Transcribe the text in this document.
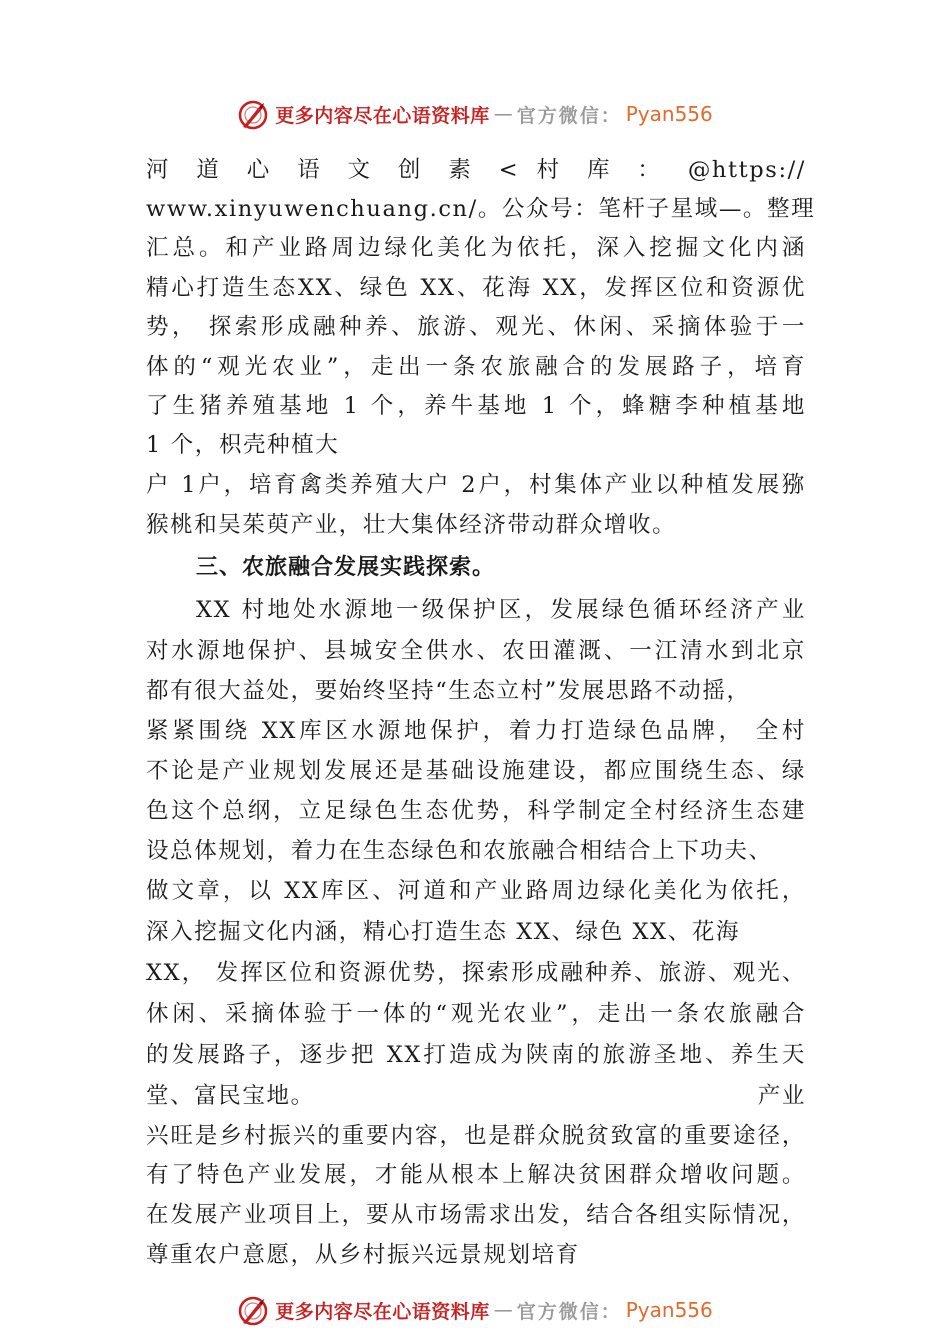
更多内容尽在心语资料库 — 官方微信： Pyan556
河 道 心 语 文 创 素 < 村 库 ： @https://
www.xinyuwenchuang.cn/。公众号：笔杆子星域—。整理
汇总。和产业路周边绿化美化为依托，深入挖掘文化内涵
精心打造生态XX、绿色 XX、花海 XX，发挥区位和资源优
势， 探索形成融种养、旅游、观光、休闲、采摘体验于一
体的“观光农业”，走出一条农旅融合的发展路子，培育
了生猪养殖基地 1 个，养牛基地 1 个，蜂糖李种植基地
1 个，枳壳种植大
户 1户，培育禽类养殖大户 2户，村集体产业以种植发展猕
猴桃和吴茱萸产业，壮大集体经济带动群众增收。
三、农旅融合发展实践探索。
XX 村地处水源地一级保护区，发展绿色循环经济产业
对水源地保护、县城安全供水、农田灌溉、一江清水到北京
都有很大益处，要始终坚持“生态立村”发展思路不动摇，
紧紧围绕 XX库区水源地保护，着力打造绿色品牌， 全村
不论是产业规划发展还是基础设施建设，都应围绕生态、绿
色这个总纲，立足绿色生态优势，科学制定全村经济生态建
设总体规划，着力在生态绿色和农旅融合相结合上下功夫、
做文章，以 XX库区、河道和产业路周边绿化美化为依托，
深入挖掘文化内涵，精心打造生态 XX、绿色 XX、花海
XX， 发挥区位和资源优势，探索形成融种养、旅游、观光、
休闲、采摘体验于一体的“观光农业”，走出一条农旅融合
的发展路子，逐步把 XX打造成为陕南的旅游圣地、养生天
堂、富民宝地。	产业
兴旺是乡村振兴的重要内容，也是群众脱贫致富的重要途径，
有了特色产业发展，才能从根本上解决贫困群众增收问题。
在发展产业项目上，要从市场需求出发，结合各组实际情况，
尊重农户意愿，从乡村振兴远景规划培育
更多内容尽在心语资料库 — 官方微信： Pyan556
